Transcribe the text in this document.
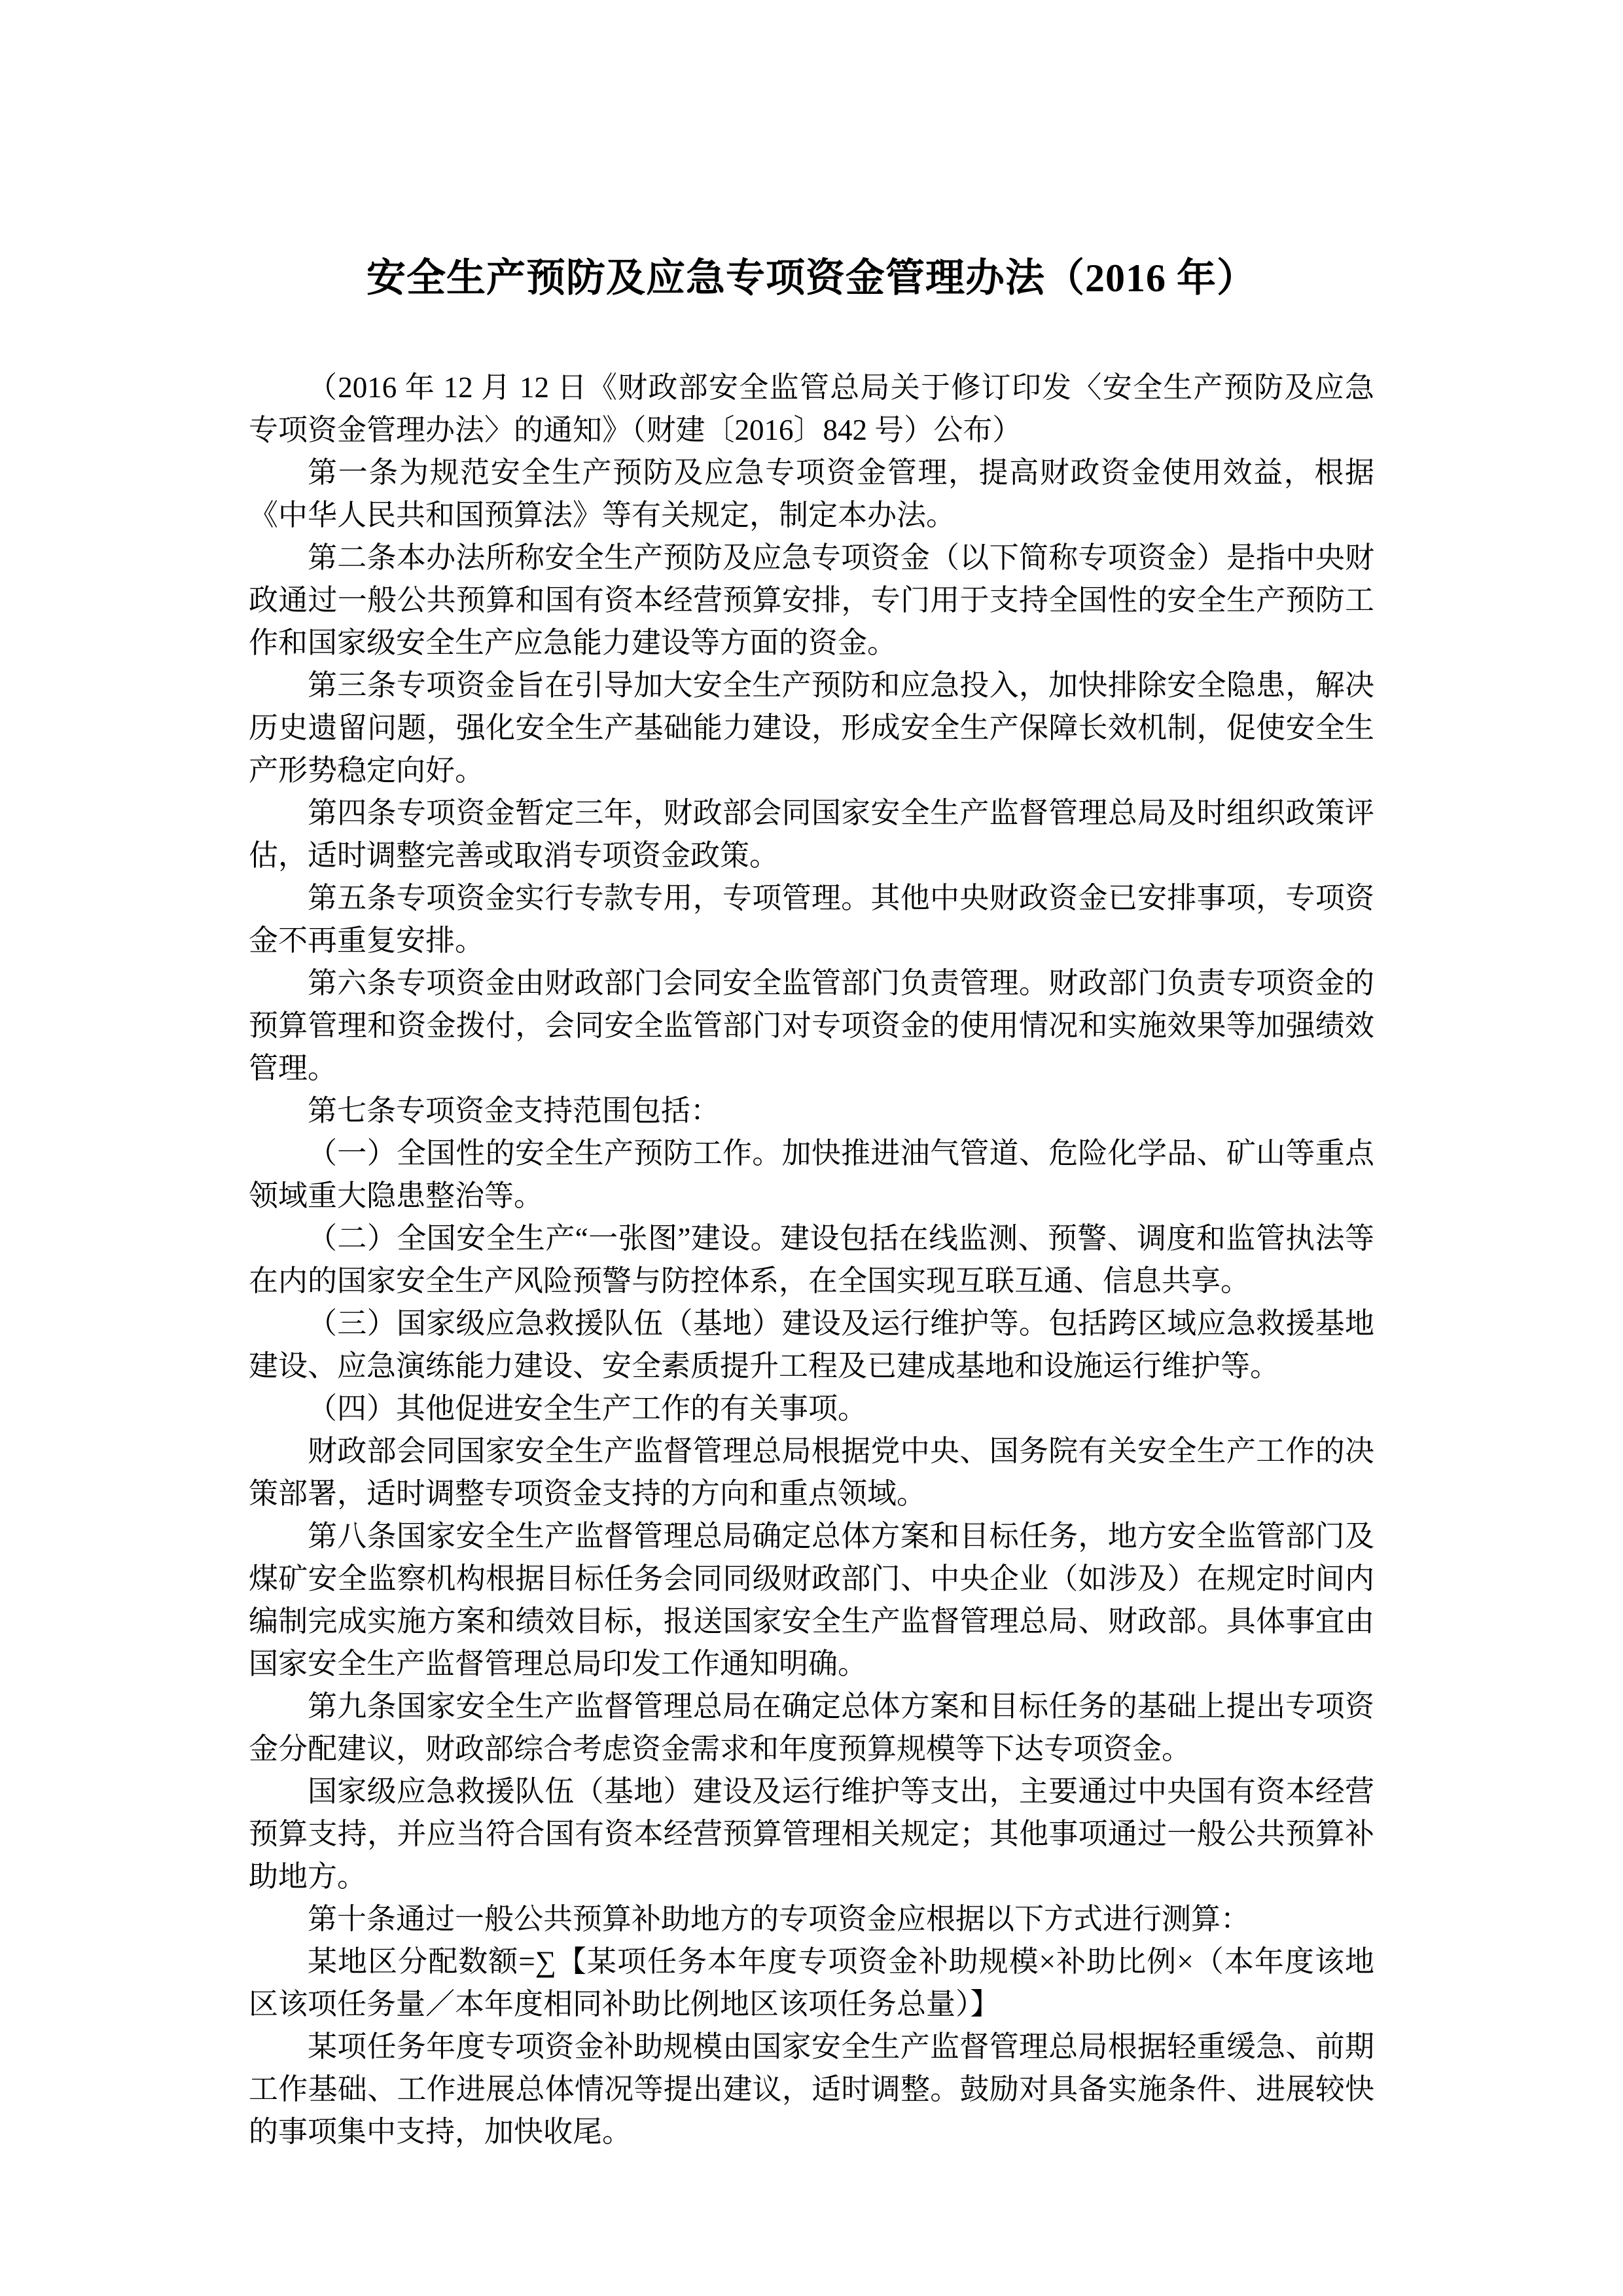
安全生产预防及应急专项资金管理办法（2016 年）

（2016 年 12 月 12 日《财政部安全监管总局关于修订印发〈安全生产预防及应急专项资金管理办法〉的通知》（财建〔2016〕842 号）公布）

第一条为规范安全生产预防及应急专项资金管理，提高财政资金使用效益，根据《中华人民共和国预算法》等有关规定，制定本办法。

第二条本办法所称安全生产预防及应急专项资金（以下简称专项资金）是指中央财政通过一般公共预算和国有资本经营预算安排，专门用于支持全国性的安全生产预防工作和国家级安全生产应急能力建设等方面的资金。

第三条专项资金旨在引导加大安全生产预防和应急投入，加快排除安全隐患，解决历史遗留问题，强化安全生产基础能力建设，形成安全生产保障长效机制，促使安全生产形势稳定向好。

第四条专项资金暂定三年，财政部会同国家安全生产监督管理总局及时组织政策评估，适时调整完善或取消专项资金政策。

第五条专项资金实行专款专用，专项管理。其他中央财政资金已安排事项，专项资金不再重复安排。

第六条专项资金由财政部门会同安全监管部门负责管理。财政部门负责专项资金的预算管理和资金拨付，会同安全监管部门对专项资金的使用情况和实施效果等加强绩效管理。

第七条专项资金支持范围包括：

（一）全国性的安全生产预防工作。加快推进油气管道、危险化学品、矿山等重点领域重大隐患整治等。

（二）全国安全生产“一张图”建设。建设包括在线监测、预警、调度和监管执法等在内的国家安全生产风险预警与防控体系，在全国实现互联互通、信息共享。

（三）国家级应急救援队伍（基地）建设及运行维护等。包括跨区域应急救援基地建设、应急演练能力建设、安全素质提升工程及已建成基地和设施运行维护等。

（四）其他促进安全生产工作的有关事项。

财政部会同国家安全生产监督管理总局根据党中央、国务院有关安全生产工作的决策部署，适时调整专项资金支持的方向和重点领域。

第八条国家安全生产监督管理总局确定总体方案和目标任务，地方安全监管部门及煤矿安全监察机构根据目标任务会同同级财政部门、中央企业（如涉及）在规定时间内编制完成实施方案和绩效目标，报送国家安全生产监督管理总局、财政部。具体事宜由国家安全生产监督管理总局印发工作通知明确。

第九条国家安全生产监督管理总局在确定总体方案和目标任务的基础上提出专项资金分配建议，财政部综合考虑资金需求和年度预算规模等下达专项资金。

国家级应急救援队伍（基地）建设及运行维护等支出，主要通过中央国有资本经营预算支持，并应当符合国有资本经营预算管理相关规定；其他事项通过一般公共预算补助地方。

第十条通过一般公共预算补助地方的专项资金应根据以下方式进行测算：

某地区分配数额=∑【某项任务本年度专项资金补助规模×补助比例×（本年度该地区该项任务量／本年度相同补助比例地区该项任务总量）】

某项任务年度专项资金补助规模由国家安全生产监督管理总局根据轻重缓急、前期工作基础、工作进展总体情况等提出建议，适时调整。鼓励对具备实施条件、进展较快的事项集中支持，加快收尾。
